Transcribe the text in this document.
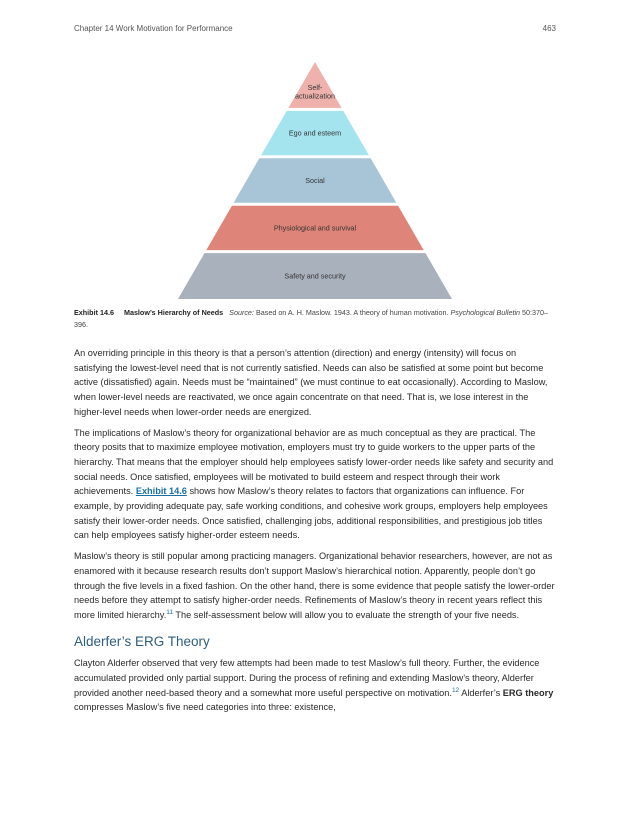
Chapter 14 Work Motivation for Performance	463
Self-
actualization
Ego and esteem
Social
Physiological and survival
Safety and security
Exhibit 14.6 Maslow’s Hierarchy of Needs Source: Based on A. H. Maslow. 1943. A theory of human motivation. Psychological Bulletin 50:370–396.

An overriding principle in this theory is that a person’s attention (direction) and energy (intensity) will focus on satisfying the lowest-level need that is not currently satisfied. Needs can also be satisfied at some point but become active (dissatisfied) again. Needs must be “maintained” (we must continue to eat occasionally). According to Maslow, when lower-level needs are reactivated, we once again concentrate on that need. That is, we lose interest in the higher-level needs when lower-order needs are energized.

The implications of Maslow’s theory for organizational behavior are as much conceptual as they are practical. The theory posits that to maximize employee motivation, employers must try to guide workers to the upper parts of the hierarchy. That means that the employer should help employees satisfy lower-order needs like safety and security and social needs. Once satisfied, employees will be motivated to build esteem and respect through their work achievements. Exhibit 14.6 shows how Maslow’s theory relates to factors that organizations can influence. For example, by providing adequate pay, safe working conditions, and cohesive work groups, employers help employees satisfy their lower-order needs. Once satisfied, challenging jobs, additional responsibilities, and prestigious job titles can help employees satisfy higher-order esteem needs.

Maslow’s theory is still popular among practicing managers. Organizational behavior researchers, however, are not as enamored with it because research results don’t support Maslow’s hierarchical notion. Apparently, people don’t go through the five levels in a fixed fashion. On the other hand, there is some evidence that people satisfy the lower-order needs before they attempt to satisfy higher-order needs. Refinements of Maslow’s theory in recent years reflect this more limited hierarchy.$^{11}$ The self-assessment below will allow you to evaluate the strength of your five needs.

Alderfer’s ERG Theory

Clayton Alderfer observed that very few attempts had been made to test Maslow’s full theory. Further, the evidence accumulated provided only partial support. During the process of refining and extending Maslow’s theory, Alderfer provided another need-based theory and a somewhat more useful perspective on motivation.$^{12}$ Alderfer’s ERG theory compresses Maslow’s five need categories into three: existence,
